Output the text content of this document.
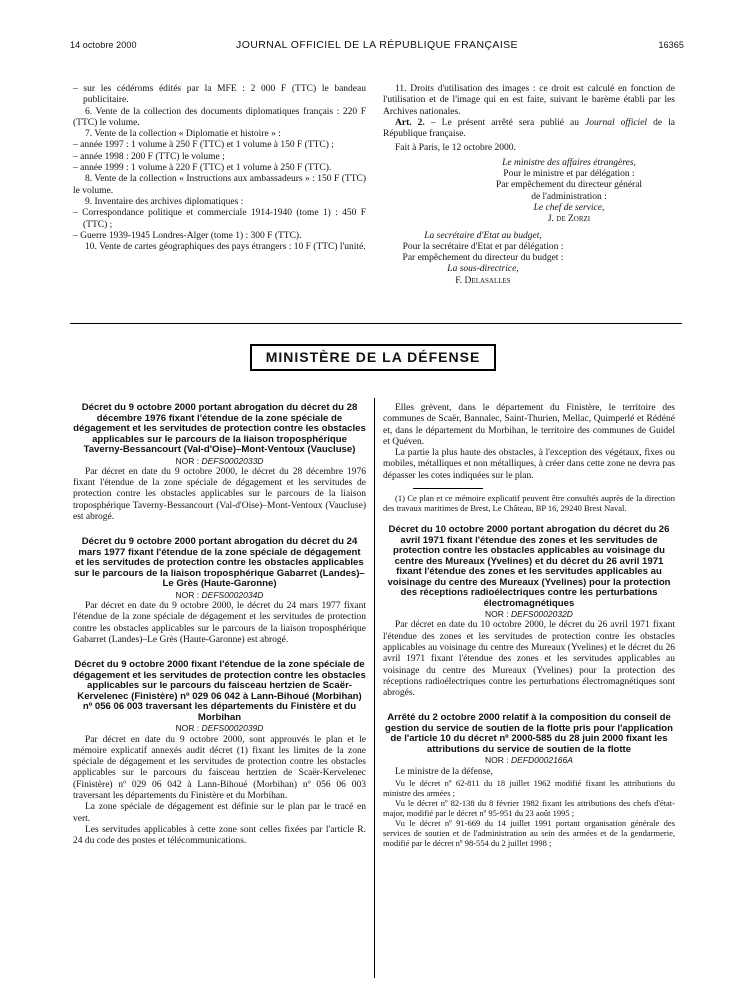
14 octobre 2000	JOURNAL OFFICIEL DE LA RÉPUBLIQUE FRANÇAISE	16365

– sur les cédéroms édités par la MFE : 2 000 F (TTC) le bandeau publicitaire.

6. Vente de la collection des documents diplomatiques français : 220 F (TTC) le volume.

7. Vente de la collection « Diplomatie et histoire » :

– année 1997 : 1 volume à 250 F (TTC) et 1 volume à 150 F (TTC) ;

– année 1998 : 200 F (TTC) le volume ;

– année 1999 : 1 volume à 220 F (TTC) et 1 volume à 250 F (TTC).

8. Vente de la collection « Instructions aux ambassadeurs » : 150 F (TTC) le volume.

9. Inventaire des archives diplomatiques :

– Correspondance politique et commerciale 1914-1940 (tome 1) : 450 F (TTC) ;

– Guerre 1939-1945 Londres-Alger (tome 1) : 300 F (TTC).

10. Vente de cartes géographiques des pays étrangers : 10 F (TTC) l'unité.

11. Droits d'utilisation des images : ce droit est calculé en fonction de l'utilisation et de l'image qui en est faite, suivant le barème établi par les Archives nationales.

Art. 2. – Le présent arrêté sera publié au Journal officiel de la République française.

Fait à Paris, le 12 octobre 2000.

Le ministre des affaires étrangères,

Pour le ministre et par délégation :

Par empêchement du directeur général

de l'administration :

Le chef de service,

J. de Zorzi

La secrétaire d'Etat au budget,

Pour la secrétaire d'Etat et par délégation :

Par empêchement du directeur du budget :

La sous-directrice,

F. Delasalles

MINISTÈRE DE LA DÉFENSE

Décret du 9 octobre 2000 portant abrogation du décret du 28 décembre 1976 fixant l'étendue de la zone spéciale de dégagement et les servitudes de protection contre les obstacles applicables sur le parcours de la liaison troposphérique Taverny-Bessancourt (Val-d'Oise)–Mont-Ventoux (Vaucluse)

NOR : DEFS0002033D

Par décret en date du 9 octobre 2000, le décret du 28 décembre 1976 fixant l'étendue de la zone spéciale de dégagement et les servitudes de protection contre les obstacles applicables sur le parcours de la liaison troposphérique Taverny-Bessancourt (Val-d'Oise)–Mont-Ventoux (Vaucluse) est abrogé.

Décret du 9 octobre 2000 portant abrogation du décret du 24 mars 1977 fixant l'étendue de la zone spéciale de dégagement et les servitudes de protection contre les obstacles applicables sur le parcours de la liaison troposphérique Gabarret (Landes)–Le Grès (Haute-Garonne)

NOR : DEFS0002034D

Par décret en date du 9 octobre 2000, le décret du 24 mars 1977 fixant l'étendue de la zone spéciale de dégagement et les servitudes de protection contre les obstacles applicables sur le parcours de la liaison troposphérique Gabarret (Landes)–Le Grès (Haute-Garonne) est abrogé.

Décret du 9 octobre 2000 fixant l'étendue de la zone spéciale de dégagement et les servitudes de protection contre les obstacles applicables sur le parcours du faisceau hertzien de Scaër-Kervelenec (Finistère) nº 029 06 042 à Lann-Bihoué (Morbihan) nº 056 06 003 traversant les départements du Finistère et du Morbihan

NOR : DEFS0002039D

Par décret en date du 9 octobre 2000, sont approuvés le plan et le mémoire explicatif annexés audit décret (1) fixant les limites de la zone spéciale de dégagement et les servitudes de protection contre les obstacles applicables sur le parcours du faisceau hertzien de Scaër-Kervelenec (Finistère) nº 029 06 042 à Lann-Bihoué (Morbihan) nº 056 06 003 traversant les départements du Finistère et du Morbihan.

La zone spéciale de dégagement est définie sur le plan par le tracé en vert.

Les servitudes applicables à cette zone sont celles fixées par l'article R. 24 du code des postes et télécommunications.

Elles grèvent, dans le département du Finistère, le territoire des communes de Scaër, Bannalec, Saint-Thurien, Mellac, Quimperlé et Rédéné et, dans le département du Morbihan, le territoire des communes de Guidel et Quéven.

La partie la plus haute des obstacles, à l'exception des végétaux, fixes ou mobiles, métalliques et non métalliques, à créer dans cette zone ne devra pas dépasser les cotes indiquées sur le plan.

(1) Ce plan et ce mémoire explicatif peuvent être consultés auprès de la direction des travaux maritimes de Brest, Le Château, BP 16, 29240 Brest Naval.

Décret du 10 octobre 2000 portant abrogation du décret du 26 avril 1971 fixant l'étendue des zones et les servitudes de protection contre les obstacles applicables au voisinage du centre des Mureaux (Yvelines) et du décret du 26 avril 1971 fixant l'étendue des zones et les servitudes applicables au voisinage du centre des Mureaux (Yvelines) pour la protection des réceptions radioélectriques contre les perturbations électromagnétiques

NOR : DEFS0002032D

Par décret en date du 10 octobre 2000, le décret du 26 avril 1971 fixant l'étendue des zones et les servitudes de protection contre les obstacles applicables au voisinage du centre des Mureaux (Yvelines) et le décret du 26 avril 1971 fixant l'étendue des zones et les servitudes applicables au voisinage du centre des Mureaux (Yvelines) pour la protection des réceptions radioélectriques contre les perturbations électromagnétiques sont abrogés.

Arrêté du 2 octobre 2000 relatif à la composition du conseil de gestion du service de soutien de la flotte pris pour l'application de l'article 10 du décret nº 2000-585 du 28 juin 2000 fixant les attributions du service de soutien de la flotte

NOR : DEFD0002166A

Le ministre de la défense,

Vu le décret nº 62-811 du 18 juillet 1962 modifié fixant les attributions du ministre des armées ;

Vu le décret nº 82-138 du 8 février 1982 fixant les attributions des chefs d'état-major, modifié par le décret nº 95-951 du 23 août 1995 ;

Vu le décret nº 91-669 du 14 juillet 1991 portant organisation générale des services de soutien et de l'administration au sein des armées et de la gendarmerie, modifié par le décret nº 98-554 du 2 juillet 1998 ;
